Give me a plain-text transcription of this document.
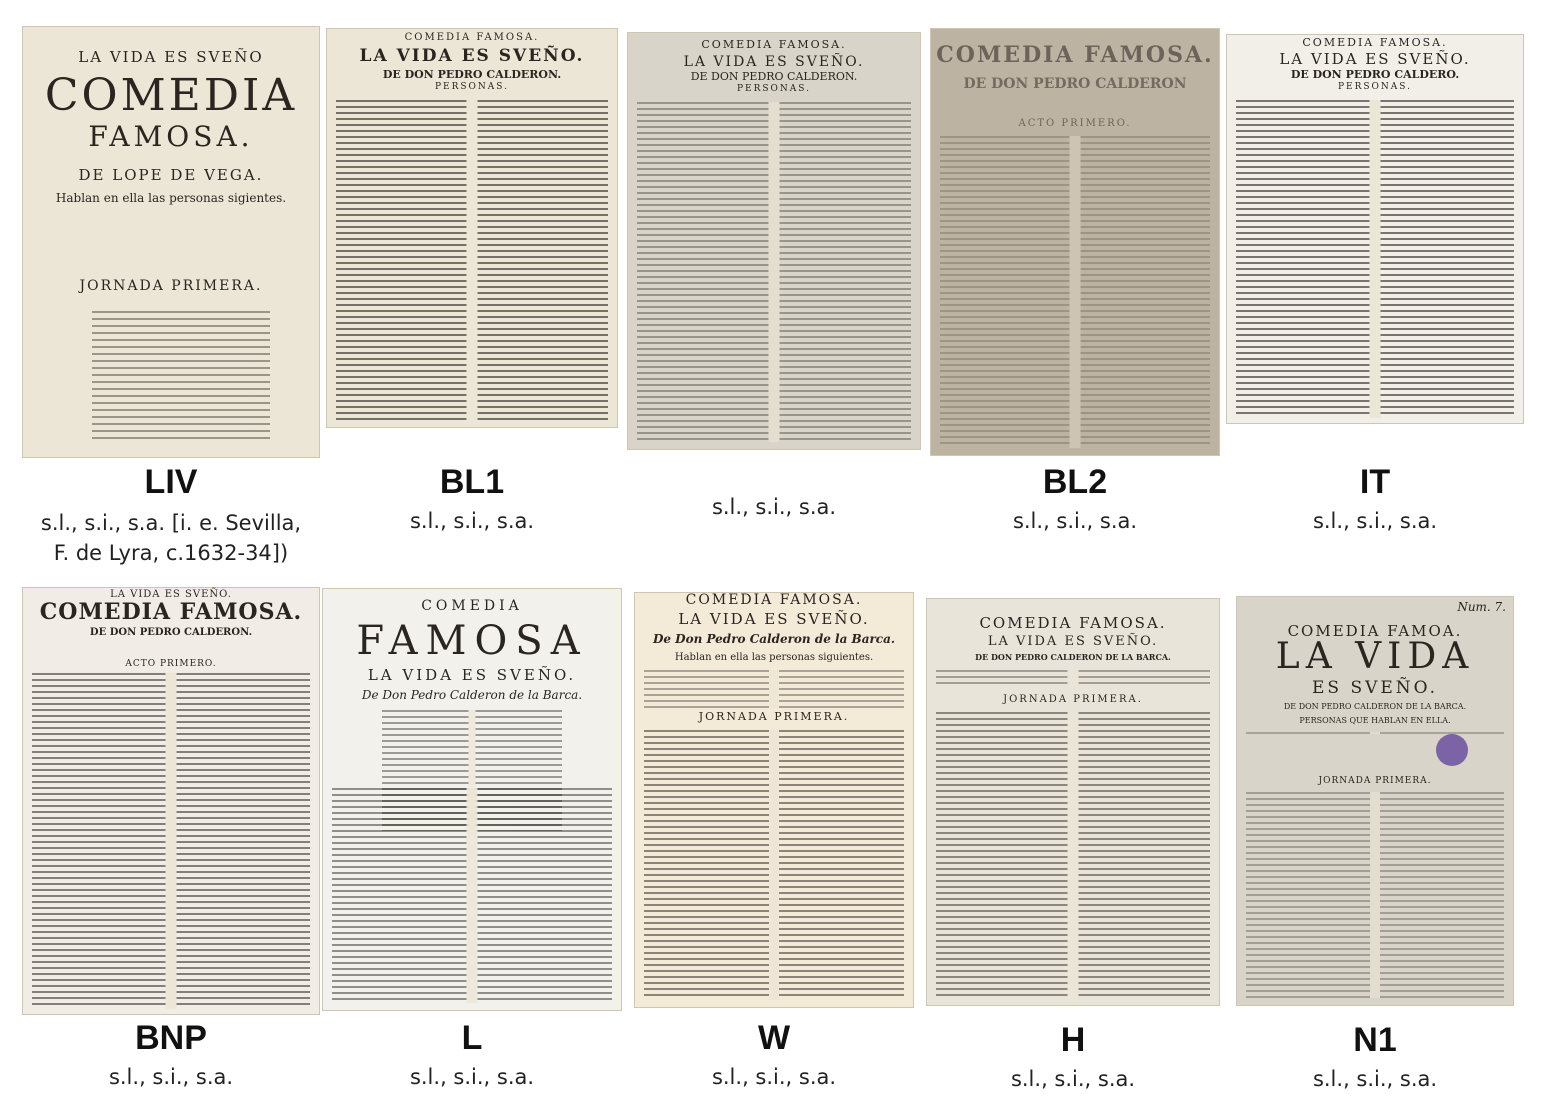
LA VIDA ES SVEÑO
COMEDIA
FAMOSA.
DE LOPE DE VEGA.
Hablan en ella las personas sigientes.
JORNADA PRIMERA.
LIV
s.l., s.i., s.a. [i. e. Sevilla, F. de Lyra, c.1632-34])
COMEDIA FAMOSA.
LA VIDA ES SVEÑO.
DE DON PEDRO CALDERON.
PERSONAS.
BL1
s.l., s.i., s.a.
COMEDIA FAMOSA.
LA VIDA ES SVEÑO.
DE DON PEDRO CALDERON.
PERSONAS.
s.l., s.i., s.a.
COMEDIA FAMOSA.
DE DON PEDRO CALDERON
ACTO PRIMERO.
BL2
s.l., s.i., s.a.
COMEDIA FAMOSA.
LA VIDA ES SVEÑO.
DE DON PEDRO CALDERO.
PERSONAS.
IT
s.l., s.i., s.a.
LA VIDA ES SVEÑO.
COMEDIA FAMOSA.
DE DON PEDRO CALDERON.
ACTO PRIMERO.
BNP
s.l., s.i., s.a.
COMEDIA
FAMOSA
LA VIDA ES SVEÑO.
De Don Pedro Calderon de la Barca.
L
s.l., s.i., s.a.
COMEDIA FAMOSA.
LA VIDA ES SVEÑO.
De Don Pedro Calderon de la Barca.
Hablan en ella las personas siguientes.
JORNADA PRIMERA.
W
s.l., s.i., s.a.
COMEDIA FAMOSA.
LA VIDA ES SVEÑO.
DE DON PEDRO CALDERON DE LA BARCA.
JORNADA PRIMERA.
H
s.l., s.i., s.a.
Num. 7.
COMEDIA FAMOA.
LA VIDA
ES SVEÑO.
DE DON PEDRO CALDERON DE LA BARCA.
PERSONAS QUE HABLAN EN ELLA.
JORNADA PRIMERA.
N1
s.l., s.i., s.a.
